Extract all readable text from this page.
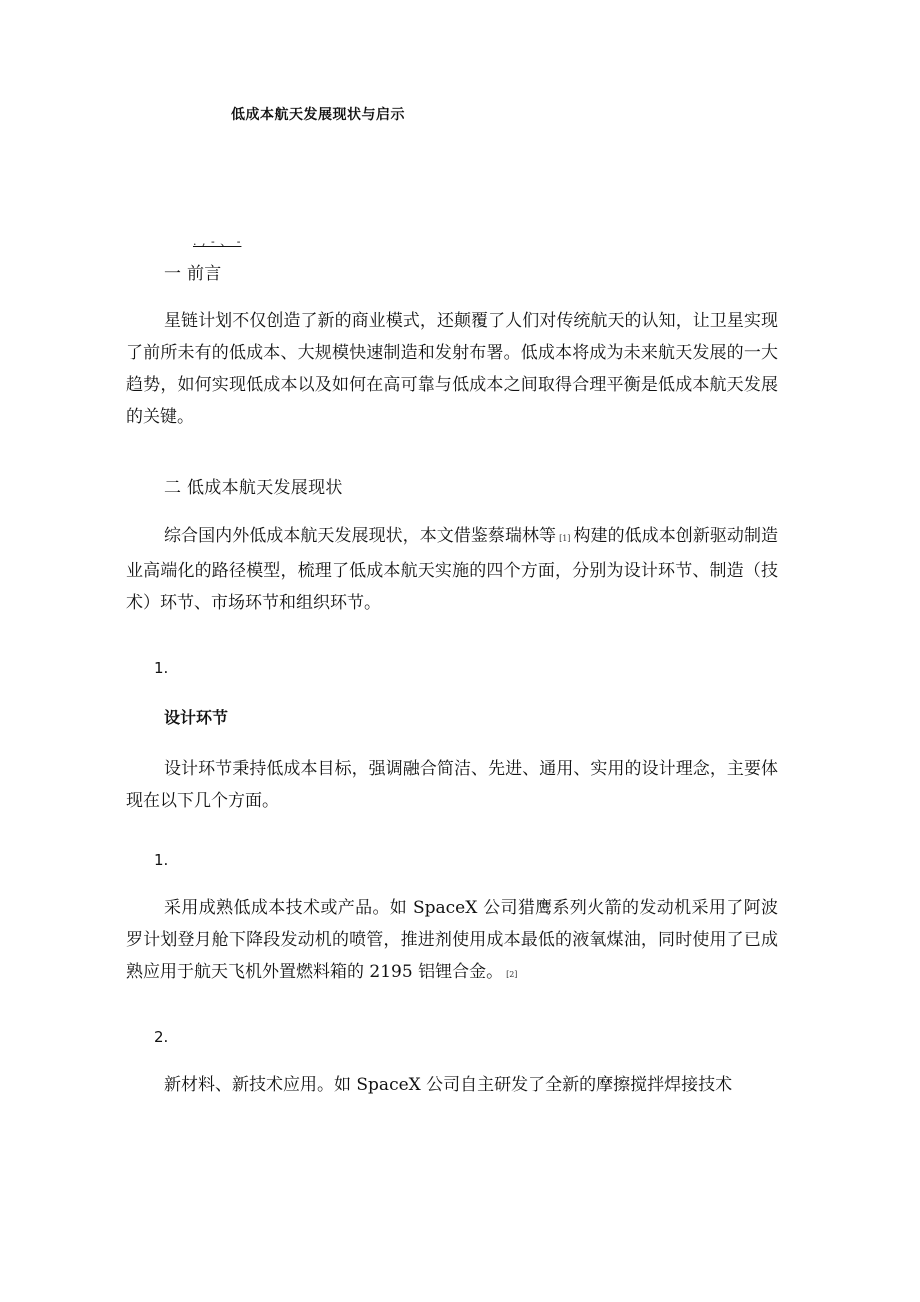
低成本航天发展现状与启示
. , - 、 -
一 前言

星链计划不仅创造了新的商业模式，还颠覆了人们对传统航天的认知，让卫星实现了前所未有的低成本、大规模快速制造和发射布署。低成本将成为未来航天发展的一大趋势，如何实现低成本以及如何在高可靠与低成本之间取得合理平衡是低成本航天发展的关键。

二 低成本航天发展现状

综合国内外低成本航天发展现状，本文借鉴蔡瑞林等 [1] 构建的低成本创新驱动制造业高端化的路径模型，梳理了低成本航天实施的四个方面，分别为设计环节、制造（技术）环节、市场环节和组织环节。

1.
设计环节

设计环节秉持低成本目标，强调融合简洁、先进、通用、实用的设计理念，主要体现在以下几个方面。

1.

采用成熟低成本技术或产品。如 SpaceX 公司猎鹰系列火箭的发动机采用了阿波罗计划登月舱下降段发动机的喷管，推进剂使用成本最低的液氧煤油，同时使用了已成熟应用于航天飞机外置燃料箱的 2195 铝锂合金。 [2]

2.

新材料、新技术应用。如 SpaceX 公司自主研发了全新的摩擦搅拌焊接技术
